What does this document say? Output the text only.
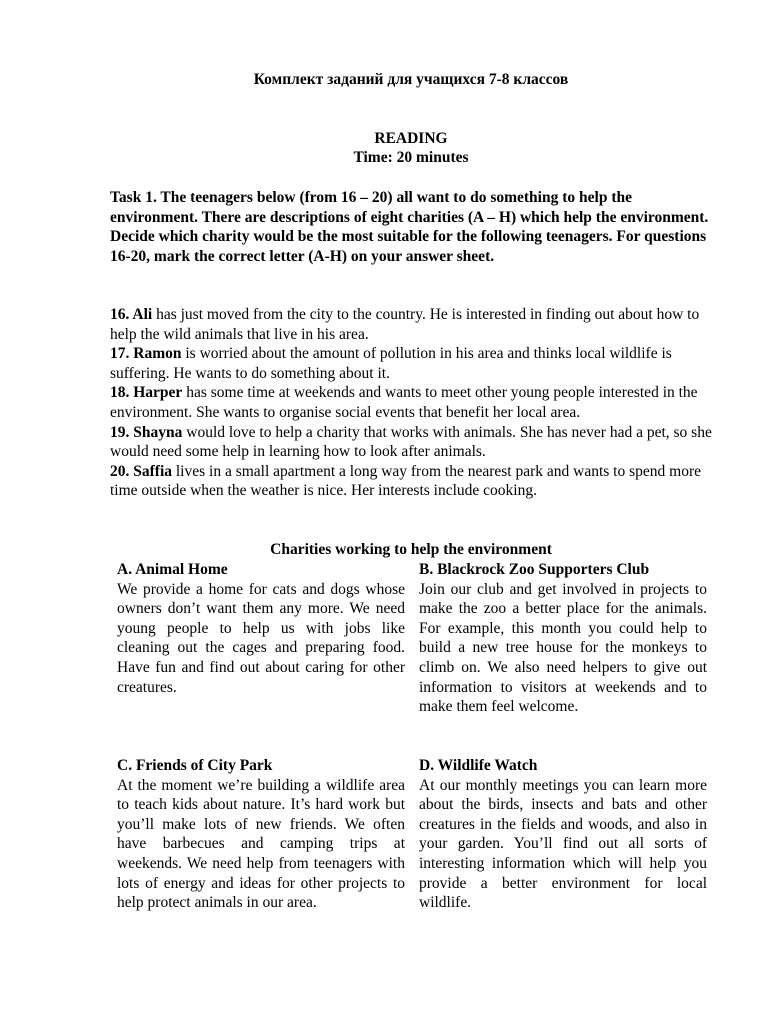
Комплект заданий для учащихся 7-8 классов
READING
Time: 20 minutes
Task 1. The teenagers below (from 16 – 20) all want to do something to help the environment. There are descriptions of eight charities (A – H) which help the environment. Decide which charity would be the most suitable for the following teenagers. For questions 16-20, mark the correct letter (A-H) on your answer sheet.

16. Ali has just moved from the city to the country. He is interested in finding out about how to help the wild animals that live in his area.

17. Ramon is worried about the amount of pollution in his area and thinks local wildlife is suffering. He wants to do something about it.

18. Harper has some time at weekends and wants to meet other young people interested in the environment. She wants to organise social events that benefit her local area.

19. Shayna would love to help a charity that works with animals. She has never had a pet, so she would need some help in learning how to look after animals.

20. Saffia lives in a small apartment a long way from the nearest park and wants to spend more time outside when the weather is nice. Her interests include cooking.

Charities working to help the environment
A. Animal Home
We provide a home for cats and dogs whose owners don’t want them any more. We need young people to help us with jobs like cleaning out the cages and preparing food. Have fun and find out about caring for other creatures.
B. Blackrock Zoo Supporters Club
Join our club and get involved in projects to make the zoo a better place for the animals. For example, this month you could help to build a new tree house for the monkeys to climb on. We also need helpers to give out information to visitors at weekends and to make them feel welcome.
C. Friends of City Park
At the moment we’re building a wildlife area to teach kids about nature. It’s hard work but you’ll make lots of new friends. We often have barbecues and camping trips at weekends. We need help from teenagers with lots of energy and ideas for other projects to help protect animals in our area.
D. Wildlife Watch
At our monthly meetings you can learn more about the birds, insects and bats and other creatures in the fields and woods, and also in your garden. You’ll find out all sorts of interesting information which will help you provide a better environment for local wildlife.
